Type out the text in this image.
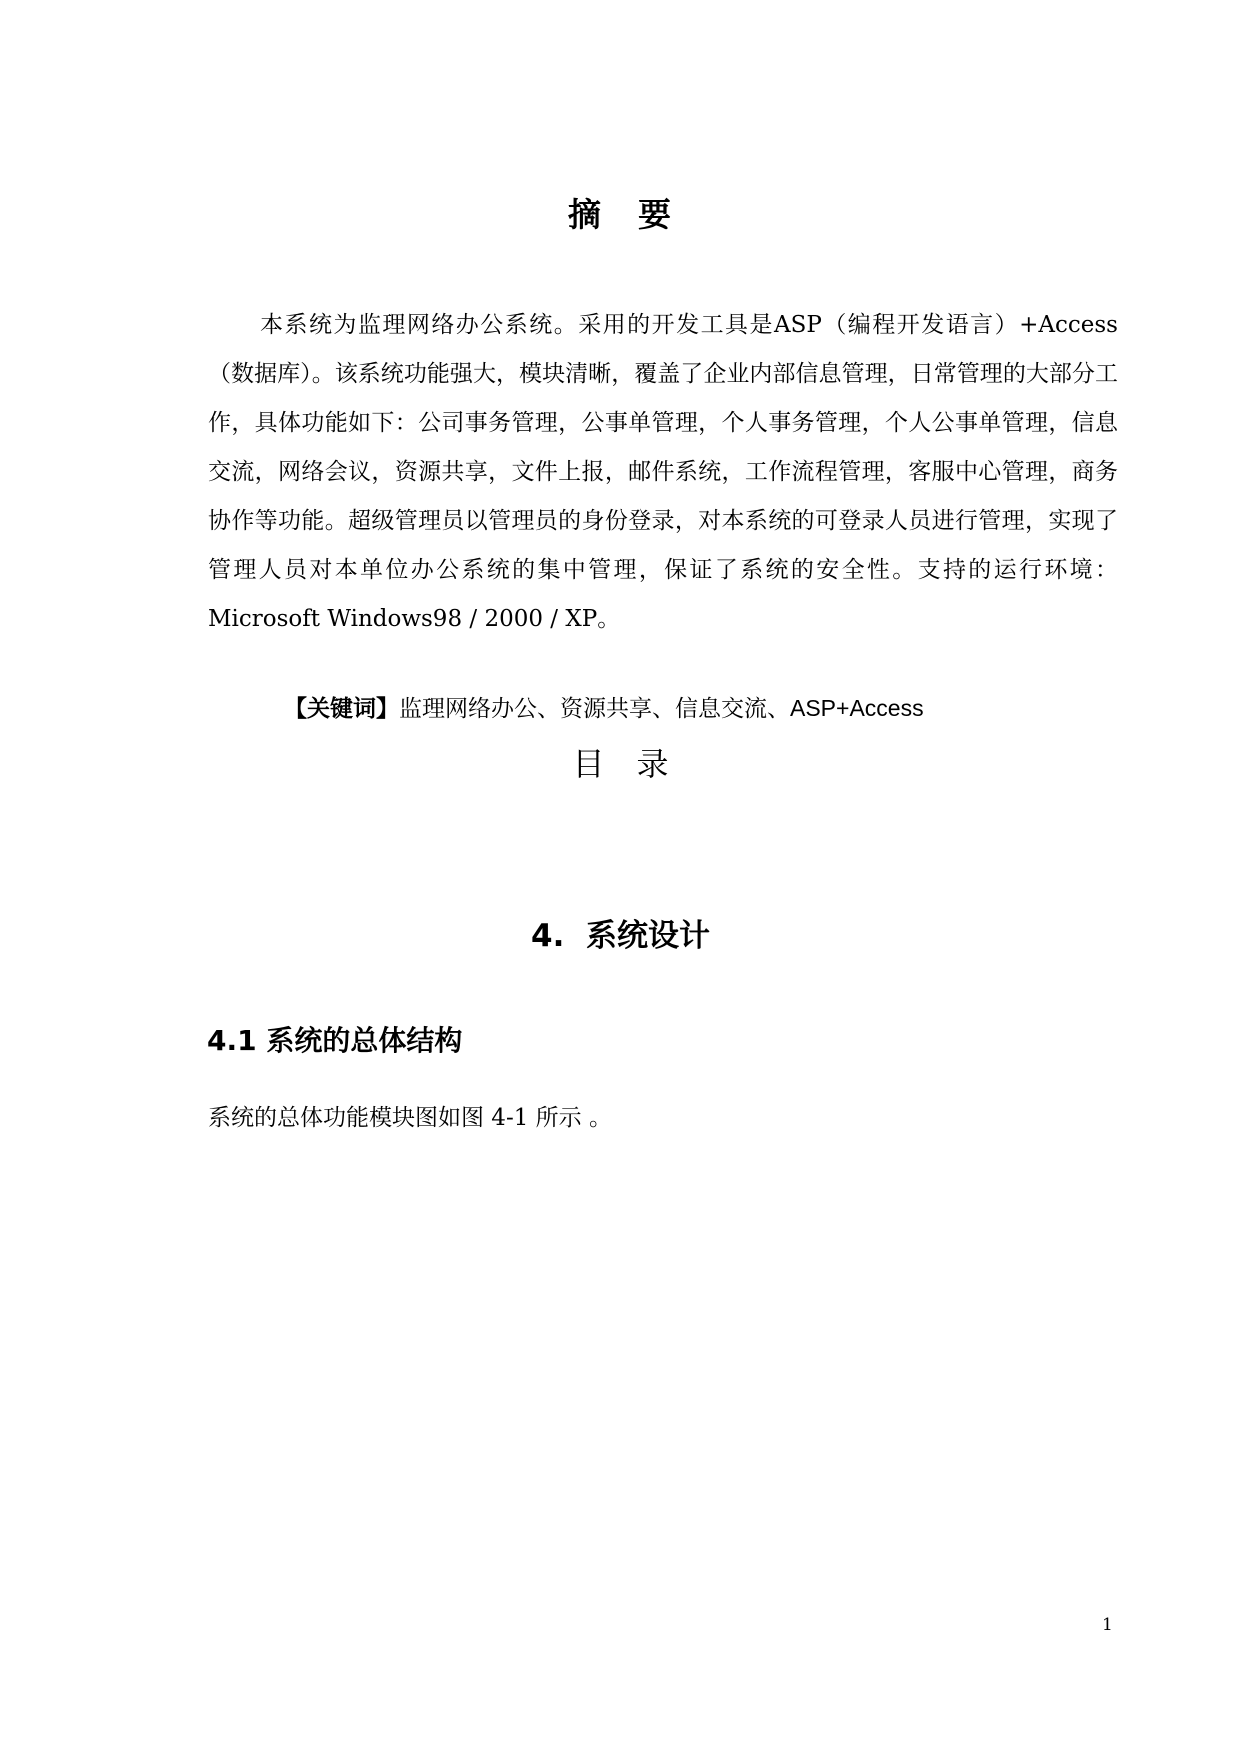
摘　要

本系统为监理网络办公系统。采用的开发工具是ASP（编程开发语言）+Access（数据库）。该系统功能强大，模块清晰，覆盖了企业内部信息管理，日常管理的大部分工作，具体功能如下：公司事务管理，公事单管理，个人事务管理，个人公事单管理，信息交流，网络会议，资源共享，文件上报，邮件系统，工作流程管理，客服中心管理，商务协作等功能。超级管理员以管理员的身份登录，对本系统的可登录人员进行管理，实现了管理人员对本单位办公系统的集中管理，保证了系统的安全性。支持的运行环境：Microsoft Windows98 / 2000 / XP。

【关键词】监理网络办公、资源共享、信息交流、ASP+Access
目　录
4.  系统设计
4.1 系统的总体结构
系统的总体功能模块图如图 4-1 所示 。
1
